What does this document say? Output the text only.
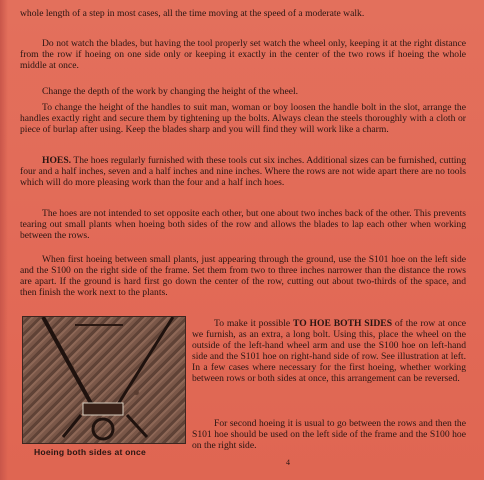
whole length of a step in most cases, all the time moving at the speed of a moderate walk.

Do not watch the blades, but having the tool properly set watch the wheel only, keeping it at the right distance from the row if hoeing on one side only or keeping it exactly in the center of the two rows if hoeing the whole middle at once.

Change the depth of the work by changing the height of the wheel.

To change the height of the handles to suit man, woman or boy loosen the handle bolt in the slot, arrange the handles exactly right and secure them by tightening up the bolts. Always clean the steels thoroughly with a cloth or piece of burlap after using. Keep the blades sharp and you will find they will work like a charm.

HOES. The hoes regularly furnished with these tools cut six inches. Additional sizes can be furnished, cutting four and a half inches, seven and a half inches and nine inches. Where the rows are not wide apart there are no tools which will do more pleasing work than the four and a half inch hoes.

The hoes are not intended to set opposite each other, but one about two inches back of the other. This prevents tearing out small plants when hoeing both sides of the row and allows the blades to lap each other when working between the rows.

When first hoeing between small plants, just appearing through the ground, use the S101 hoe on the left side and the S100 on the right side of the frame. Set them from two to three inches narrower than the distance the rows are apart. If the ground is hard first go down the center of the row, cutting out about two-thirds of the space, and then finish the work next to the plants.

Hoeing both sides at once

To make it possible TO HOE BOTH SIDES of the row at once we furnish, as an extra, a long bolt. Using this, place the wheel on the outside of the left-hand wheel arm and use the S100 hoe on left-hand side and the S101 hoe on right-hand side of row. See illustration at left. In a few cases where necessary for the first hoeing, whether working between rows or both sides at once, this arrangement can be reversed.

For second hoeing it is usual to go between the rows and then the S101 hoe should be used on the left side of the frame and the S100 hoe on the right side.

4
